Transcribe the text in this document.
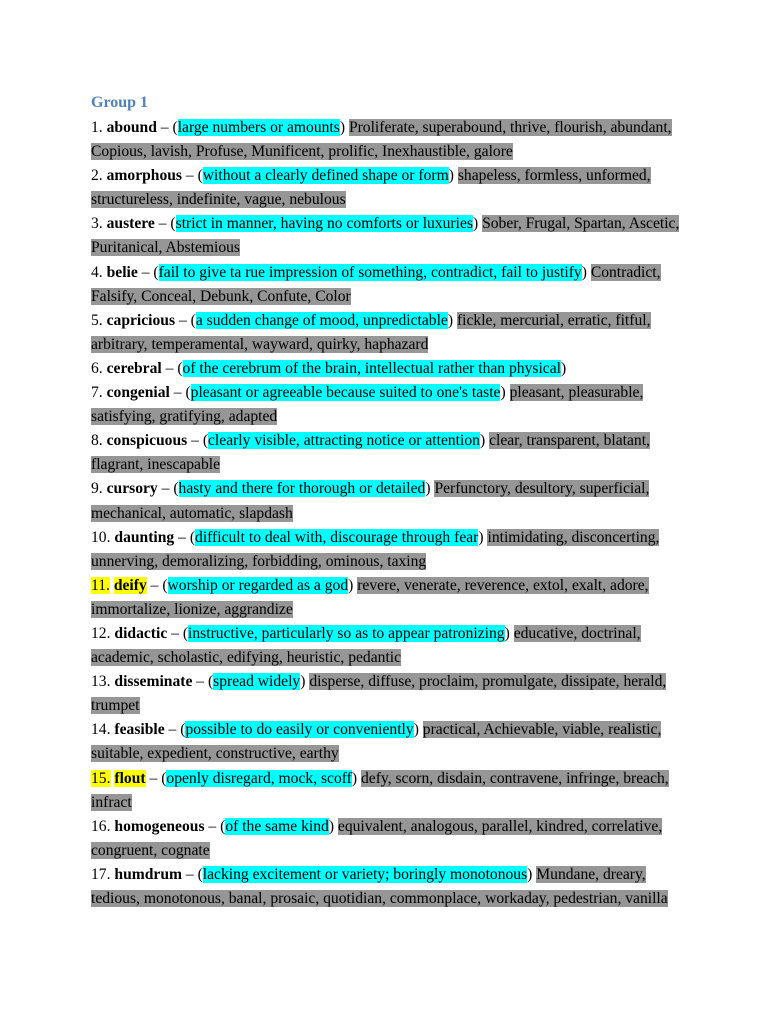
Group 1

1. abound – (large numbers or amounts) Proliferate, superabound, thrive, flourish, abundant, Copious, lavish, Profuse, Munificent, prolific, Inexhaustible, galore

2. amorphous – (without a clearly defined shape or form) shapeless, formless, unformed, structureless, indefinite, vague, nebulous

3. austere – (strict in manner, having no comforts or luxuries) Sober, Frugal, Spartan, Ascetic, Puritanical, Abstemious

4. belie – (fail to give ta rue impression of something, contradict, fail to justify) Contradict, Falsify, Conceal, Debunk, Confute, Color

5. capricious – (a sudden change of mood, unpredictable) fickle, mercurial, erratic, fitful, arbitrary, temperamental, wayward, quirky, haphazard

6. cerebral – (of the cerebrum of the brain, intellectual rather than physical)

7. congenial – (pleasant or agreeable because suited to one's taste) pleasant, pleasurable, satisfying, gratifying, adapted

8. conspicuous – (clearly visible, attracting notice or attention) clear, transparent, blatant, flagrant, inescapable

9. cursory – (hasty and there for thorough or detailed) Perfunctory, desultory, superficial, mechanical, automatic, slapdash

10. daunting – (difficult to deal with, discourage through fear) intimidating, disconcerting, unnerving, demoralizing, forbidding, ominous, taxing

11. deify – (worship or regarded as a god) revere, venerate, reverence, extol, exalt, adore, immortalize, lionize, aggrandize

12. didactic – (instructive, particularly so as to appear patronizing) educative, doctrinal, academic, scholastic, edifying, heuristic, pedantic

13. disseminate – (spread widely) disperse, diffuse, proclaim, promulgate, dissipate, herald, trumpet

14. feasible – (possible to do easily or conveniently) practical, Achievable, viable, realistic, suitable, expedient, constructive, earthy

15. flout – (openly disregard, mock, scoff) defy, scorn, disdain, contravene, infringe, breach, infract

16. homogeneous – (of the same kind) equivalent, analogous, parallel, kindred, correlative, congruent, cognate

17. humdrum – (lacking excitement or variety; boringly monotonous) Mundane, dreary, tedious, monotonous, banal, prosaic, quotidian, commonplace, workaday, pedestrian, vanilla
